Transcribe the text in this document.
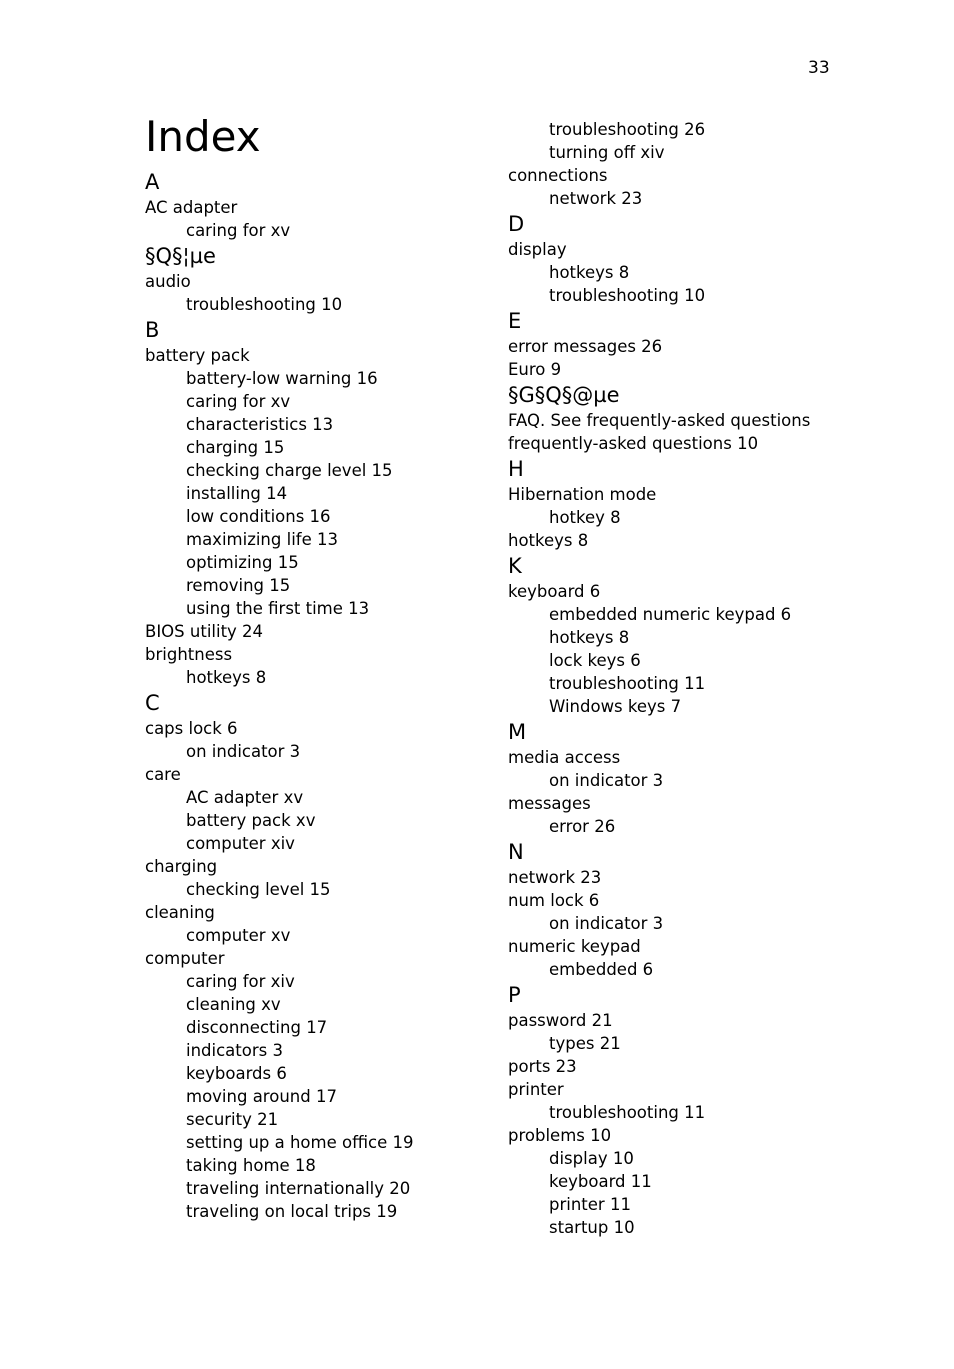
33
Index
A
AC adapter
caring for xv
§Q§¦µe
audio
troubleshooting 10
B
battery pack
battery-low warning 16
caring for xv
characteristics 13
charging 15
checking charge level 15
installing 14
low conditions 16
maximizing life 13
optimizing 15
removing 15
using the first time 13
BIOS utility 24
brightness
hotkeys 8
C
caps lock 6
on indicator 3
care
AC adapter xv
battery pack xv
computer xiv
charging
checking level 15
cleaning
computer xv
computer
caring for xiv
cleaning xv
disconnecting 17
indicators 3
keyboards 6
moving around 17
security 21
setting up a home office 19
taking home 18
traveling internationally 20
traveling on local trips 19
troubleshooting 26
turning off xiv
connections
network 23
D
display
hotkeys 8
troubleshooting 10
E
error messages 26
Euro 9
§G§Q§@µe
FAQ. See frequently-asked questions
frequently-asked questions 10
H
Hibernation mode
hotkey 8
hotkeys 8
K
keyboard 6
embedded numeric keypad 6
hotkeys 8
lock keys 6
troubleshooting 11
Windows keys 7
M
media access
on indicator 3
messages
error 26
N
network 23
num lock 6
on indicator 3
numeric keypad
embedded 6
P
password 21
types 21
ports 23
printer
troubleshooting 11
problems 10
display 10
keyboard 11
printer 11
startup 10
